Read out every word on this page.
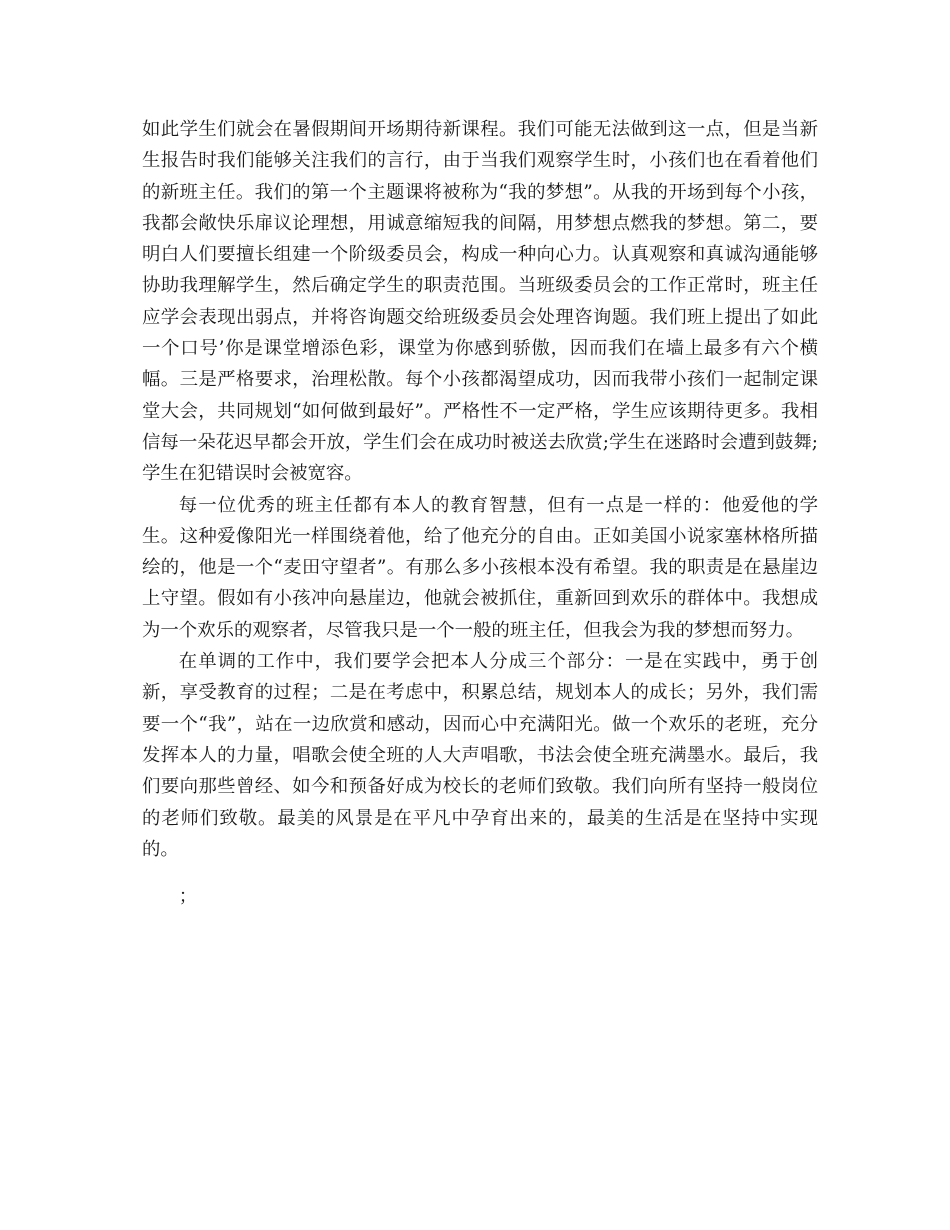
如此学生们就会在暑假期间开场期待新课程。我们可能无法做到这一点，但是当新生报告时我们能够关注我们的言行，由于当我们观察学生时，小孩们也在看着他们的新班主任。我们的第一个主题课将被称为“我的梦想”。从我的开场到每个小孩，我都会敞快乐扉议论理想，用诚意缩短我的间隔，用梦想点燃我的梦想。第二，要明白人们要擅长组建一个阶级委员会，构成一种向心力。认真观察和真诚沟通能够协助我理解学生，然后确定学生的职责范围。当班级委员会的工作正常时，班主任应学会表现出弱点，并将咨询题交给班级委员会处理咨询题。我们班上提出了如此一个口号’你是课堂增添色彩，课堂为你感到骄傲，因而我们在墙上最多有六个横幅。三是严格要求，治理松散。每个小孩都渴望成功，因而我带小孩们一起制定课堂大会，共同规划“如何做到最好”。严格性不一定严格，学生应该期待更多。我相信每一朵花迟早都会开放，学生们会在成功时被送去欣赏;学生在迷路时会遭到鼓舞;学生在犯错误时会被宽容。

每一位优秀的班主任都有本人的教育智慧，但有一点是一样的：他爱他的学生。这种爱像阳光一样围绕着他，给了他充分的自由。正如美国小说家塞林格所描绘的，他是一个“麦田守望者”。有那么多小孩根本没有希望。我的职责是在悬崖边上守望。假如有小孩冲向悬崖边，他就会被抓住，重新回到欢乐的群体中。我想成为一个欢乐的观察者，尽管我只是一个一般的班主任，但我会为我的梦想而努力。

在单调的工作中，我们要学会把本人分成三个部分：一是在实践中，勇于创新，享受教育的过程；二是在考虑中，积累总结，规划本人的成长；另外，我们需要一个“我”，站在一边欣赏和感动，因而心中充满阳光。做一个欢乐的老班，充分发挥本人的力量，唱歌会使全班的人大声唱歌，书法会使全班充满墨水。最后，我们要向那些曾经、如今和预备好成为校长的老师们致敬。我们向所有坚持一般岗位的老师们致敬。最美的风景是在平凡中孕育出来的，最美的生活是在坚持中实现的。

；
